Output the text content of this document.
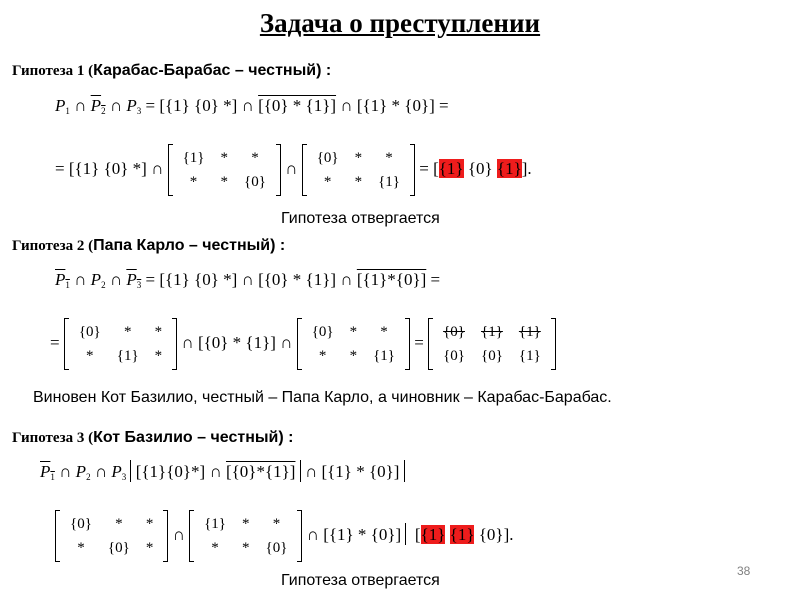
Задача о преступлении
Гипотеза 1 (Карабас-Барабас – честный) :
$P_1$ ∩ $P_2$ ∩ $P_3 = [\{1\}$ {0} *] ∩ [{0} * {1}] ∩ [{1} * {0}] =
= [{1} {0} *] ∩
{1}	*	*
*	*	{0}
∩
{0}	*	*
*	*	{1}
= [{1} {0} {1}].
Гипотеза отвергается
Гипотеза 2 (Папа Карло – честный) :
$P_1$ ∩ $P_2$ ∩ $P_3 = [\{1\}$ {0} *] ∩ [{0} * {1}] ∩ [{1}*{0}] =
=
{0}	*	*
*	{1}	*
∩ [{0} * {1}] ∩
{0}	*	*
*	*	{1}
=
{0}	{1}	{1}
{0}	{0}	{1}
Виновен Кот Базилио, честный – Папа Карло, а чиновник – Карабас-Барабас.
Гипотеза 3 (Кот Базилио – честный) :
$P_1$ ∩ $P_2$ ∩ $P_3$ [{1}{0}*] ∩ [{0}*{1}] ∩ [{1} * {0}]
{0}	*	*
*	{0}	*
∩
{1}	*	*
*	*	{0}
∩ [{1} * {0}] [{1} {1} {0}].
Гипотеза отвергается
38
